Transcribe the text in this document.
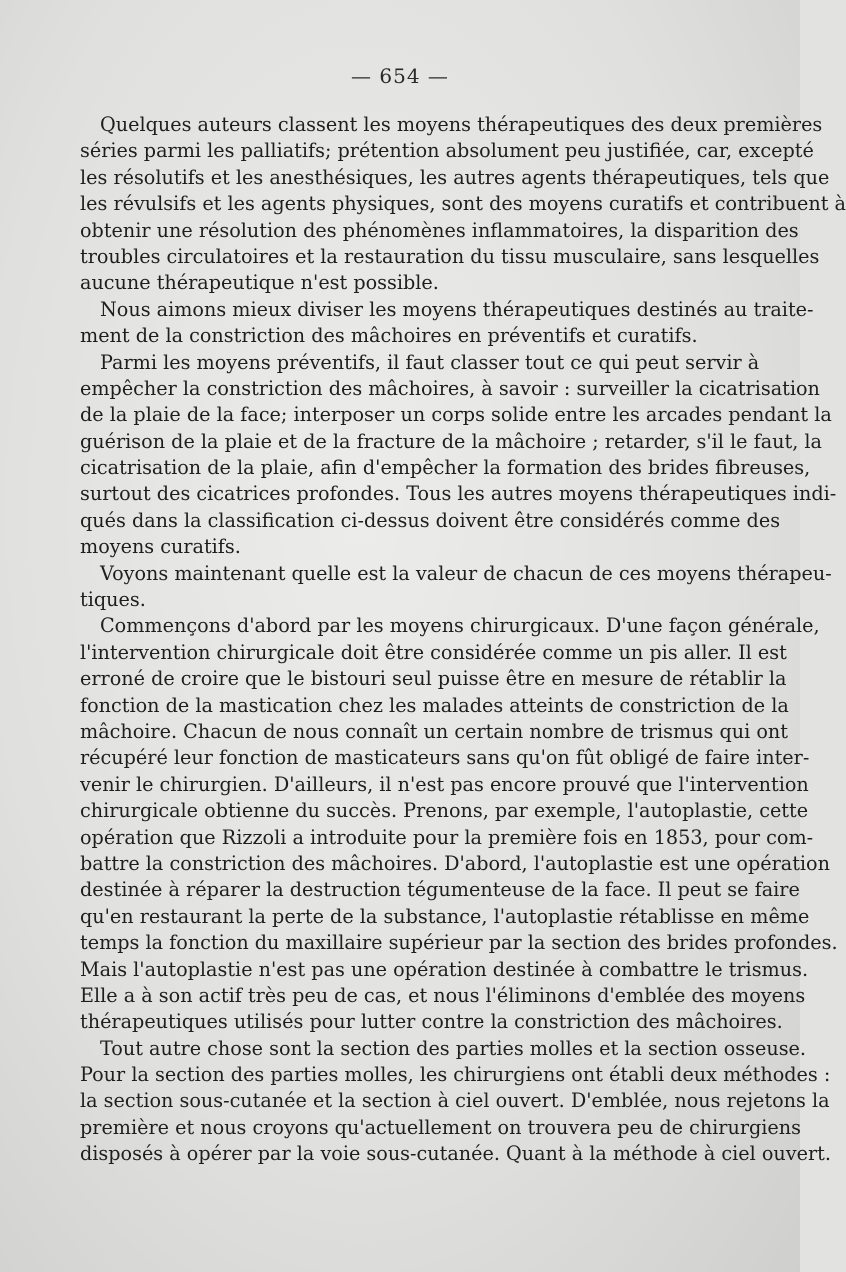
— 654 —
Quelques auteurs classent les moyens thérapeutiques des deux premières
séries parmi les palliatifs; prétention absolument peu justifiée, car, excepté
les résolutifs et les anesthésiques, les autres agents thérapeutiques, tels que
les révulsifs et les agents physiques, sont des moyens curatifs et contribuent à
obtenir une résolution des phénomènes inflammatoires, la disparition des
troubles circulatoires et la restauration du tissu musculaire, sans lesquelles
aucune thérapeutique n'est possible.
Nous aimons mieux diviser les moyens thérapeutiques destinés au traite-
ment de la constriction des mâchoires en préventifs et curatifs.
Parmi les moyens préventifs, il faut classer tout ce qui peut servir à
empêcher la constriction des mâchoires, à savoir : surveiller la cicatrisation
de la plaie de la face; interposer un corps solide entre les arcades pendant la
guérison de la plaie et de la fracture de la mâchoire ; retarder, s'il le faut, la
cicatrisation de la plaie, afin d'empêcher la formation des brides fibreuses,
surtout des cicatrices profondes. Tous les autres moyens thérapeutiques indi-
qués dans la classification ci-dessus doivent être considérés comme des
moyens curatifs.
Voyons maintenant quelle est la valeur de chacun de ces moyens thérapeu-
tiques.
Commençons d'abord par les moyens chirurgicaux. D'une façon générale,
l'intervention chirurgicale doit être considérée comme un pis aller. Il est
erroné de croire que le bistouri seul puisse être en mesure de rétablir la
fonction de la mastication chez les malades atteints de constriction de la
mâchoire. Chacun de nous connaît un certain nombre de trismus qui ont
récupéré leur fonction de masticateurs sans qu'on fût obligé de faire inter-
venir le chirurgien. D'ailleurs, il n'est pas encore prouvé que l'intervention
chirurgicale obtienne du succès. Prenons, par exemple, l'autoplastie, cette
opération que Rizzoli a introduite pour la première fois en 1853, pour com-
battre la constriction des mâchoires. D'abord, l'autoplastie est une opération
destinée à réparer la destruction tégumenteuse de la face. Il peut se faire
qu'en restaurant la perte de la substance, l'autoplastie rétablisse en même
temps la fonction du maxillaire supérieur par la section des brides profondes.
Mais l'autoplastie n'est pas une opération destinée à combattre le trismus.
Elle a à son actif très peu de cas, et nous l'éliminons d'emblée des moyens
thérapeutiques utilisés pour lutter contre la constriction des mâchoires.
Tout autre chose sont la section des parties molles et la section osseuse.
Pour la section des parties molles, les chirurgiens ont établi deux méthodes :
la section sous-cutanée et la section à ciel ouvert. D'emblée, nous rejetons la
première et nous croyons qu'actuellement on trouvera peu de chirurgiens
disposés à opérer par la voie sous-cutanée. Quant à la méthode à ciel ouvert.
